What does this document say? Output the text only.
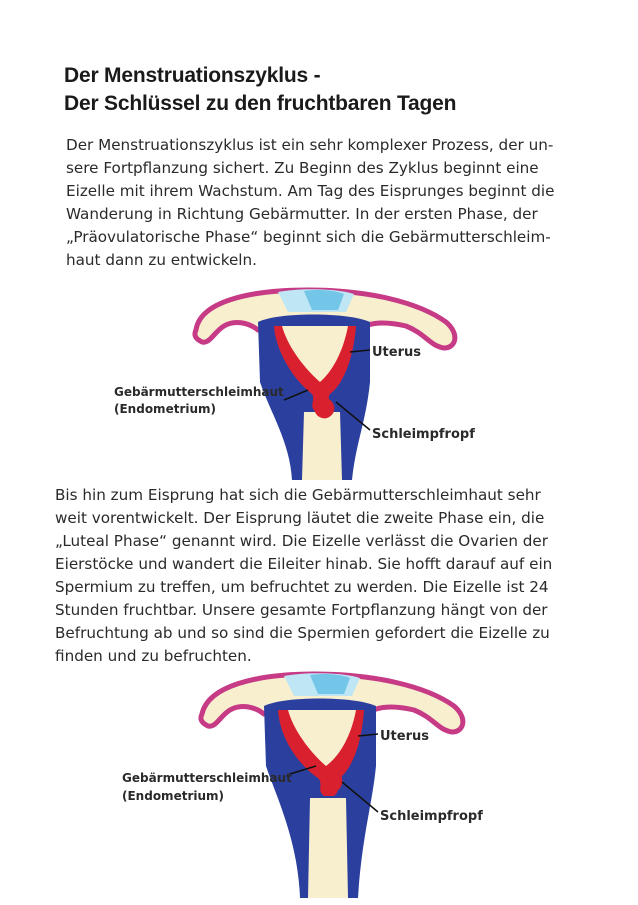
Der Menstruationszyklus -
Der Schlüssel zu den fruchtbaren Tagen

Der Menstruationszyklus ist ein sehr komplexer Prozess, der un-
sere Fortpflanzung sichert. Zu Beginn des Zyklus beginnt eine
Eizelle mit ihrem Wachstum. Am Tag des Eisprunges beginnt die
Wanderung in Richtung Gebärmutter. In der ersten Phase, der
„Präovulatorische Phase“ beginnt sich die Gebärmutterschleim-
haut dann zu entwickeln.

Uterus
Gebärmutterschleimhaut
(Endometrium)
Schleimpfropf

Bis hin zum Eisprung hat sich die Gebärmutterschleimhaut sehr
weit vorentwickelt. Der Eisprung läutet die zweite Phase ein, die
„Luteal Phase“ genannt wird. Die Eizelle verlässt die Ovarien der
Eierstöcke und wandert die Eileiter hinab. Sie hofft darauf auf ein
Spermium zu treffen, um befruchtet zu werden. Die Eizelle ist 24
Stunden fruchtbar. Unsere gesamte Fortpflanzung hängt von der
Befruchtung ab und so sind die Spermien gefordert die Eizelle zu
finden und zu befruchten.

Uterus
Gebärmutterschleimhaut
(Endometrium)
Schleimpfropf
